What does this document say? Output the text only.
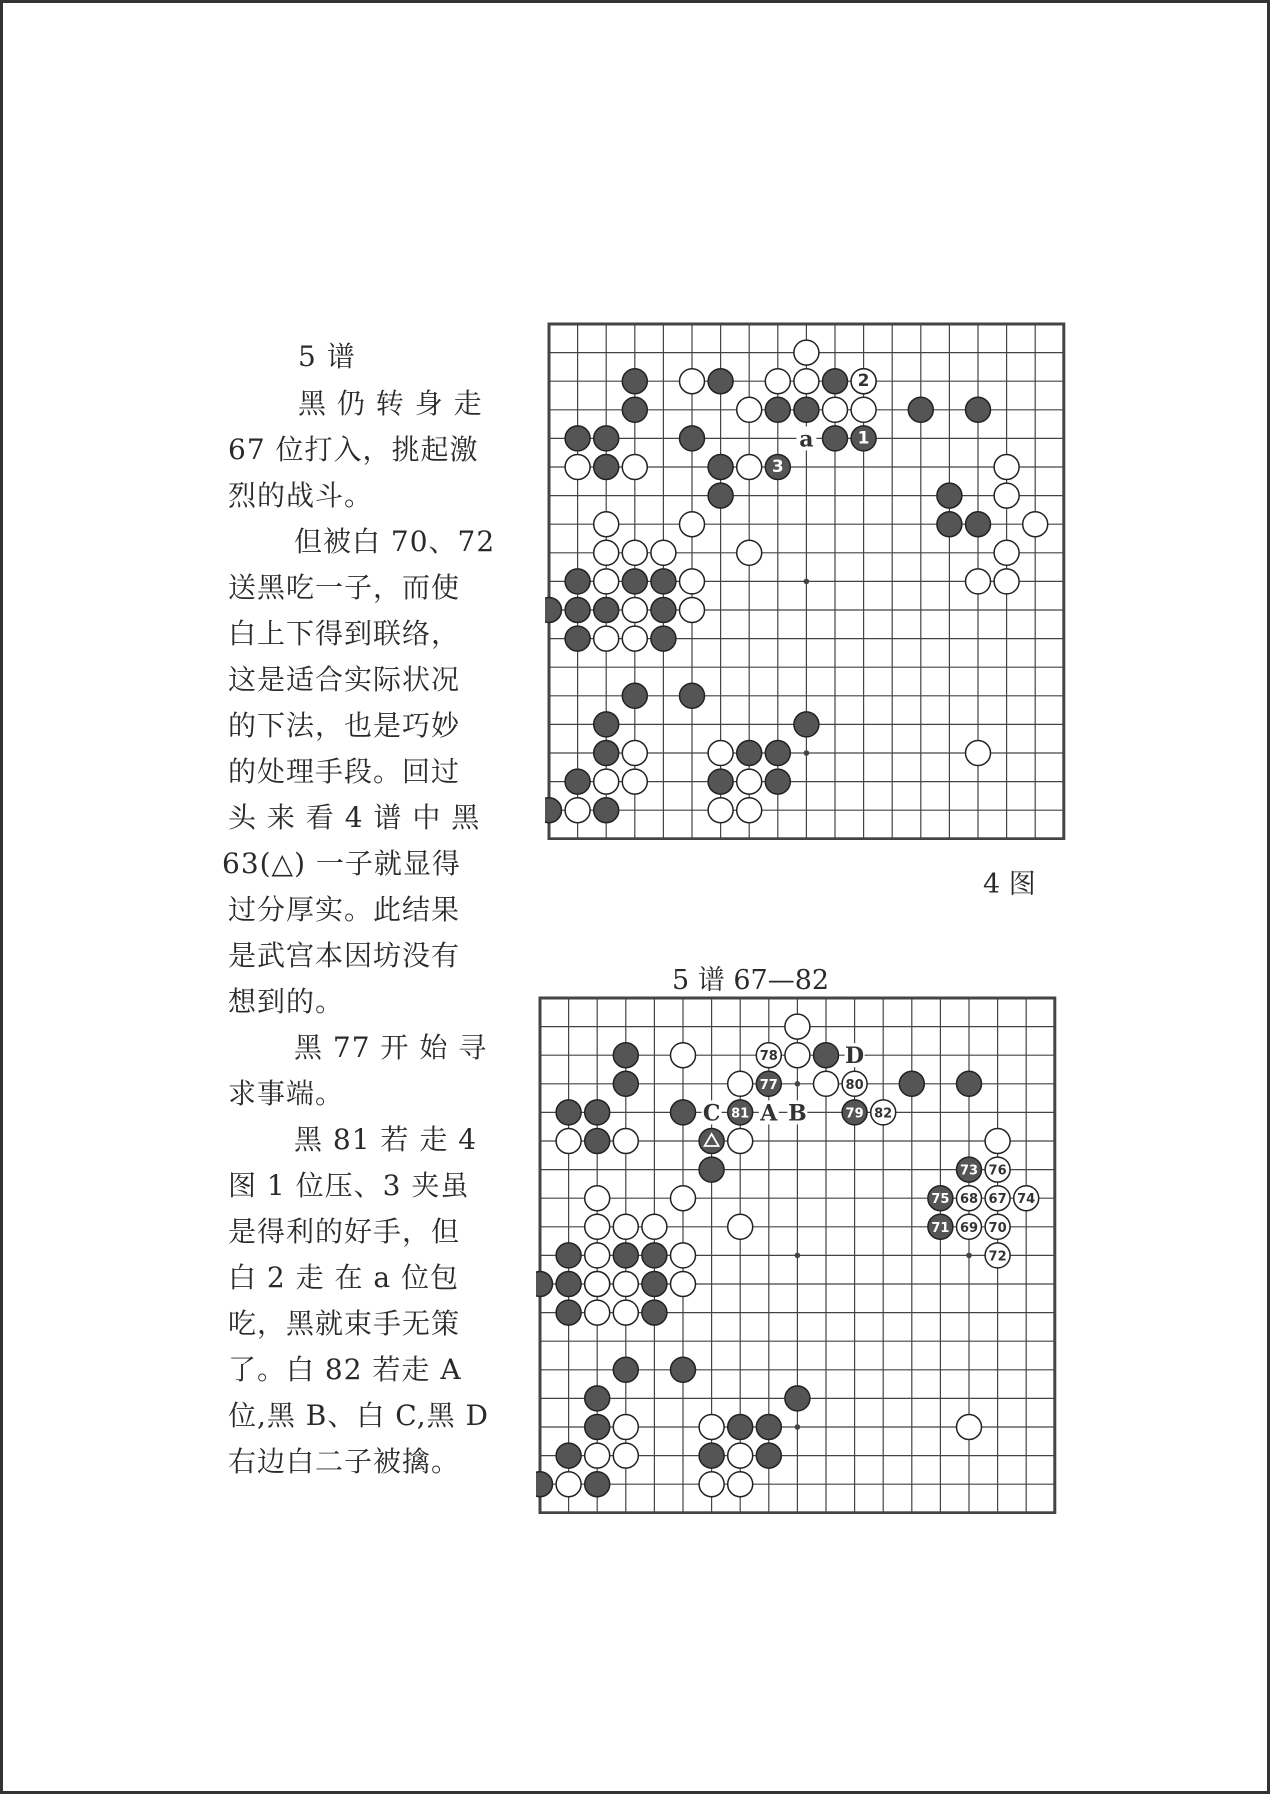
5 谱
黑 仍 转 身 走
67 位打入，挑起激
烈的战斗。
但被白 70、72
送黑吃一子，而使
白上下得到联络，
这是适合实际状况
的下法，也是巧妙
的处理手段。回过
头 来 看 4 谱 中 黑
63(△) 一子就显得
过分厚实。此结果
是武宫本因坊没有
想到的。
黑 77 开 始 寻
求事端。
黑 81 若 走 4
图 1 位压、3 夹虽
是得利的好手，但
白 2 走 在 a 位包
吃，黑就束手无策
了。白 82 若走 A
位,黑 B、白 C,黑 D
右边白二子被擒。
1
3
2
a
4 图
5 谱 67—82
77
81	79
73
75
71
78
80
82
76
68 67 74
69 70
72
D
C A B
